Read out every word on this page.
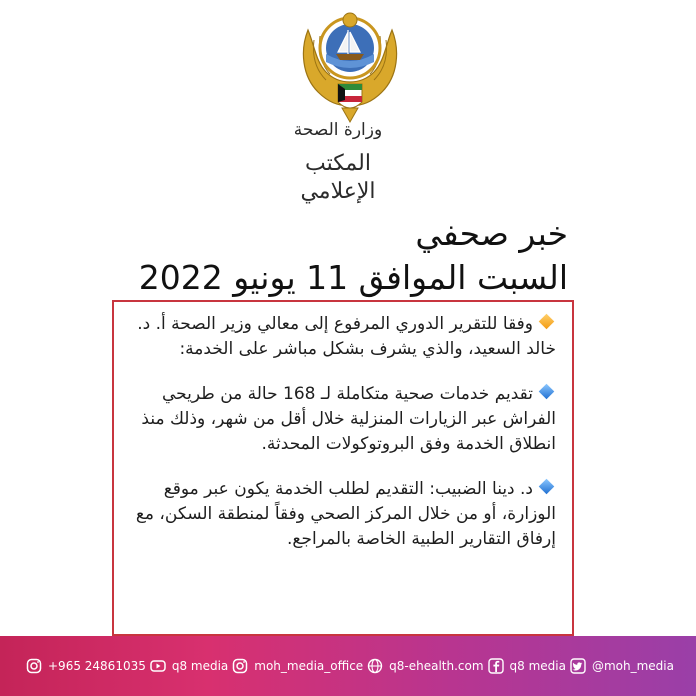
وزارة الصحة
المكتب الإعلامي
خبر صحفي
السبت الموافق 11 يونيو 2022

وفقا للتقرير الدوري المرفوع إلى معالي وزير الصحة أ. د. خالد السعيد، والذي يشرف بشكل مباشر على الخدمة:

تقديم خدمات صحية متكاملة لـ 168 حالة من طريحي الفراش عبر الزيارات المنزلية خلال أقل من شهر، وذلك منذ انطلاق الخدمة وفق البروتوكولات المحدثة.

د. دينا الضبيب: التقديم لطلب الخدمة يكون عبر موقع الوزارة، أو من خلال المركز الصحي وفقاً لمنطقة السكن، مع إرفاق التقارير الطبية الخاصة بالمراجع.

+965 24861035 q8 media moh_media_office q8-ehealth.com q8 media @moh_media
